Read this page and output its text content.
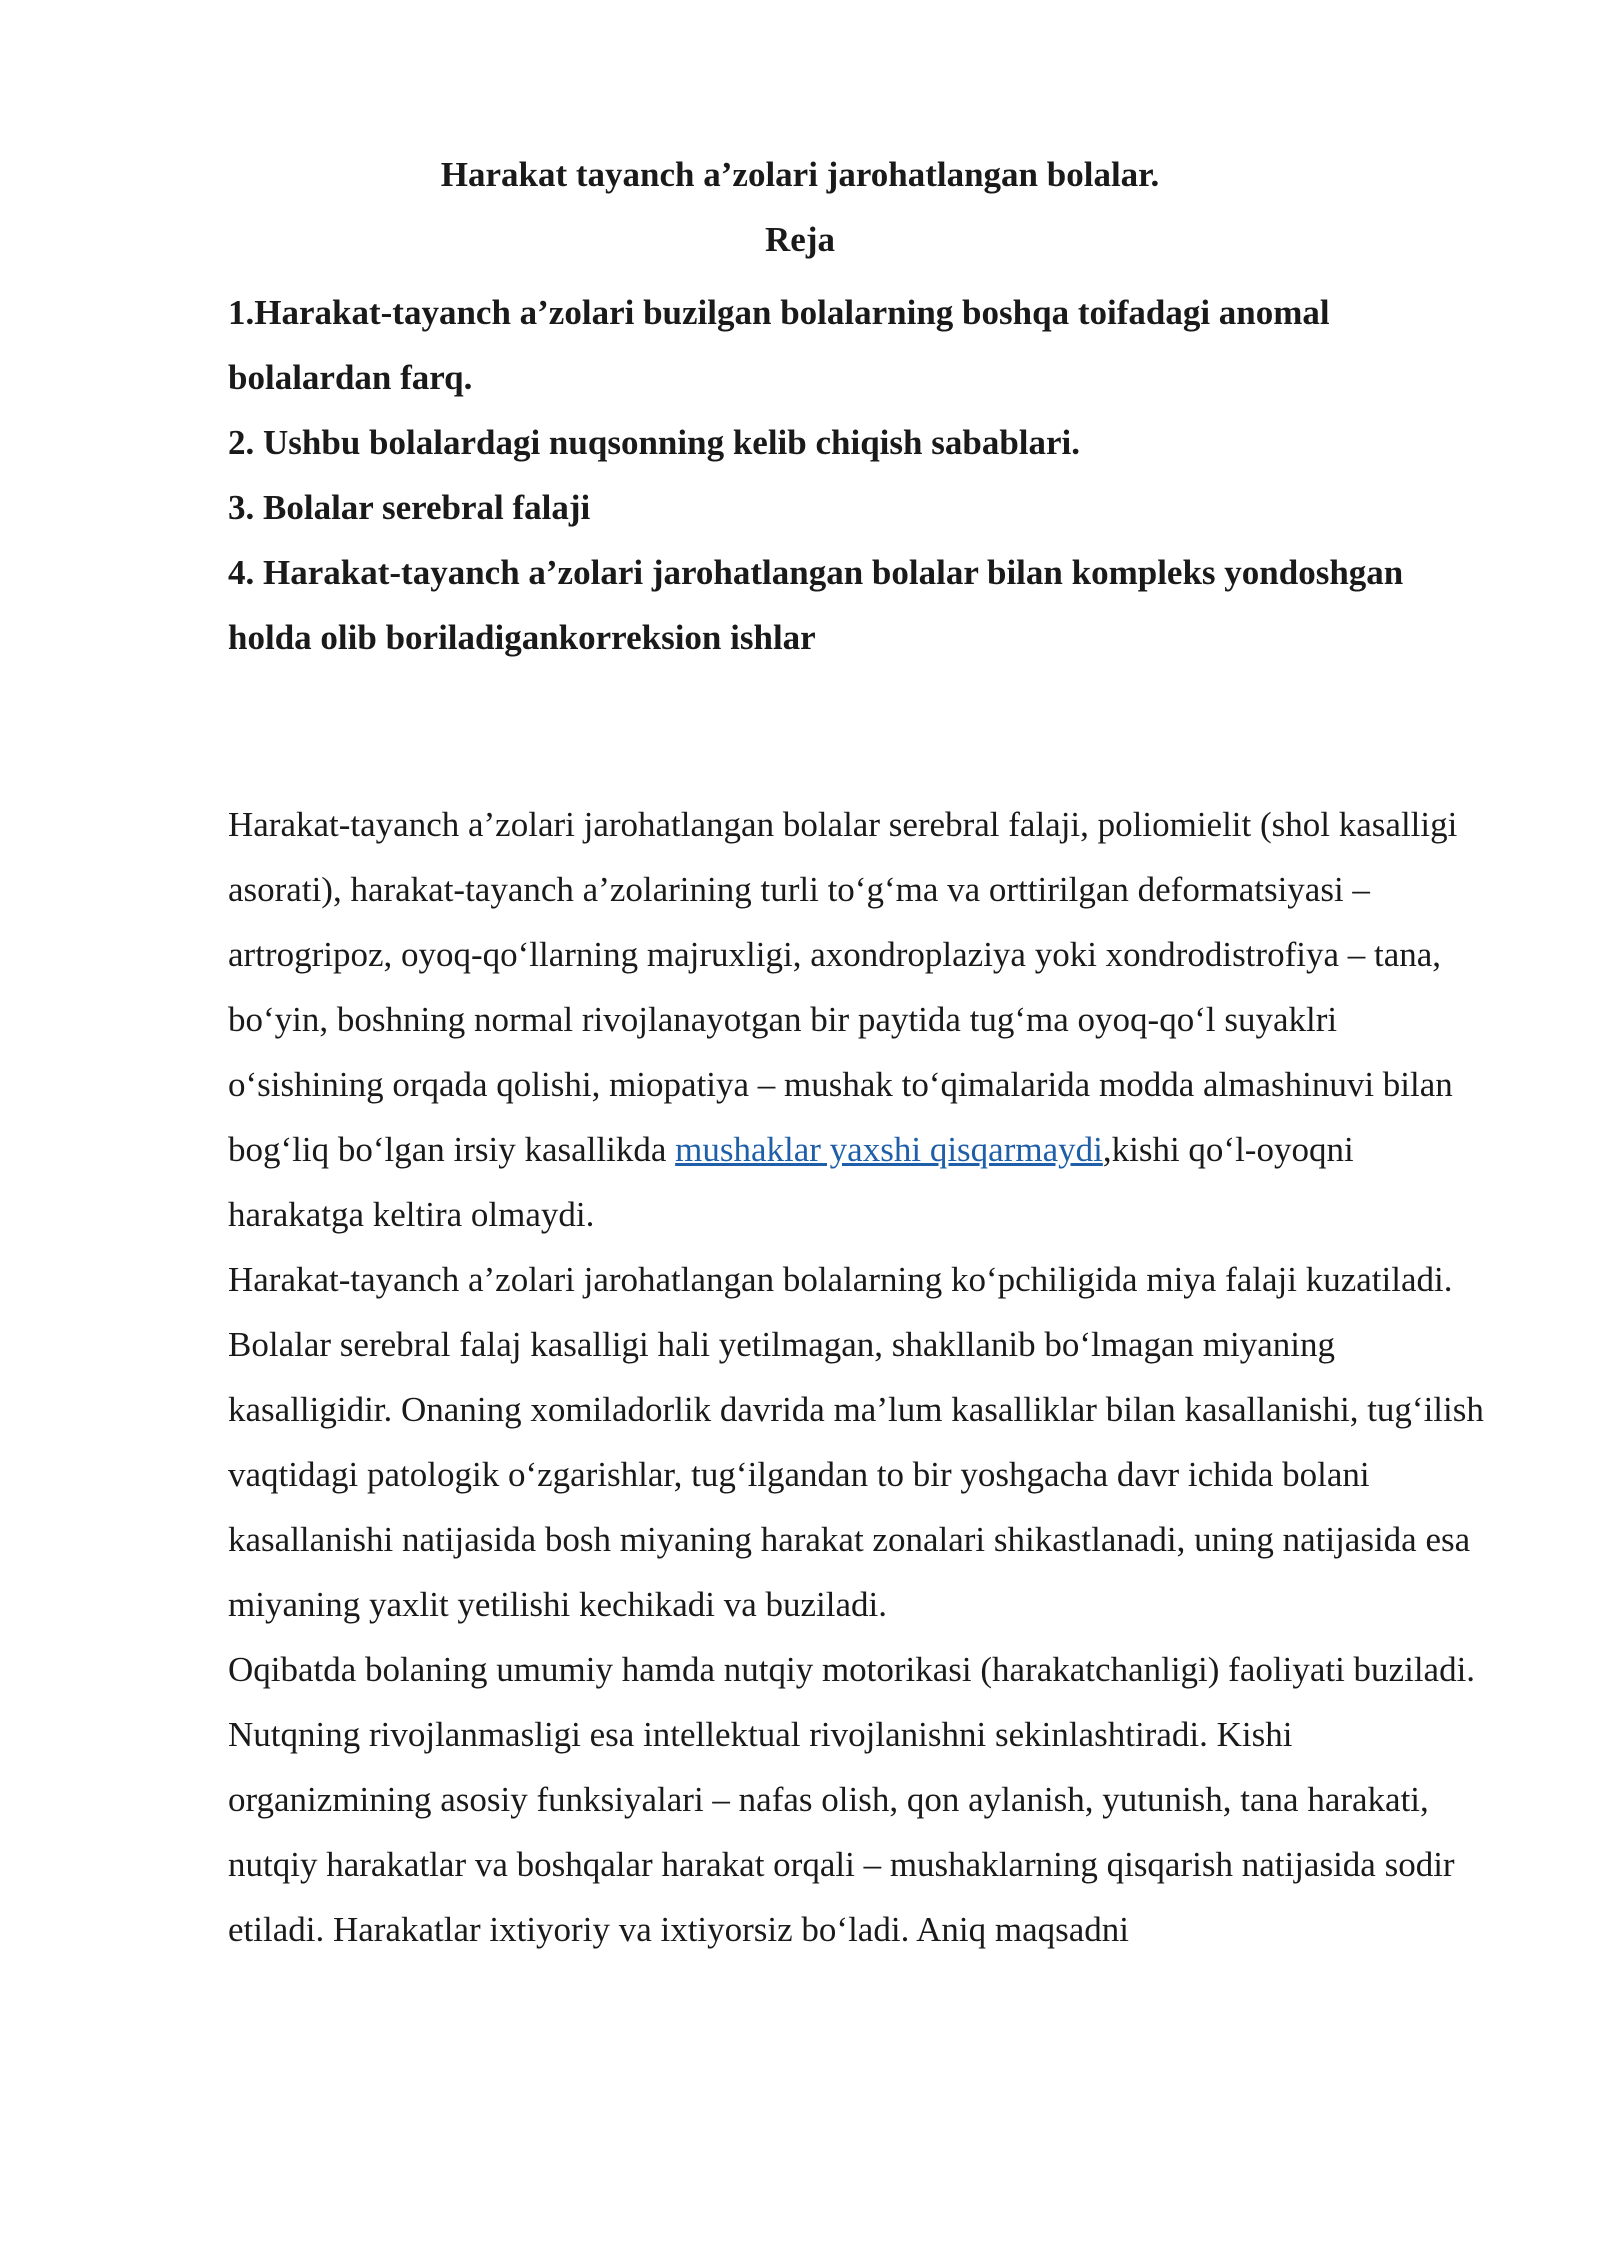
Harakat tayanch a’zolari jarohatlangan bolalar.
Reja
1.Harakat-tayanch a’zolari buzilgan bolalarning boshqa toifadagi anomal bolalardan farq.
2. Ushbu bolalardagi nuqsonning kelib chiqish sabablari.
3. Bolalar serebral falaji
4. Harakat-tayanch a’zolari jarohatlangan bolalar bilan kompleks yondoshgan holda olib boriladigankorreksion ishlar

Harakat-tayanch a’zolari jarohatlangan bolalar serebral falaji, poliomielit (shol kasalligi asorati), harakat-tayanch a’zolarining turli to‘g‘ma va orttirilgan deformatsiyasi – artrogripoz, oyoq-qo‘llarning majruxligi, axondroplaziya yoki xondrodistrofiya – tana, bo‘yin, boshning normal rivojlanayotgan bir paytida tug‘ma oyoq-qo‘l suyaklri o‘sishining orqada qolishi, miopatiya – mushak to‘qimalarida modda almashinuvi bilan bog‘liq bo‘lgan irsiy kasallikda mushaklar yaxshi qisqarmaydi,kishi qo‘l-oyoqni harakatga keltira olmaydi.

Harakat-tayanch a’zolari jarohatlangan bolalarning ko‘pchiligida miya falaji kuzatiladi. Bolalar serebral falaj kasalligi hali yetilmagan, shakllanib bo‘lmagan miyaning kasalligidir. Onaning xomiladorlik davrida ma’lum kasalliklar bilan kasallanishi, tug‘ilish vaqtidagi patologik o‘zgarishlar, tug‘ilgandan to bir yoshgacha davr ichida bolani kasallanishi natijasida bosh miyaning harakat zonalari shikastlanadi, uning natijasida esa miyaning yaxlit yetilishi kechikadi va buziladi.

Oqibatda bolaning umumiy hamda nutqiy motorikasi (harakatchanligi) faoliyati buziladi. Nutqning rivojlanmasligi esa intellektual rivojlanishni sekinlashtiradi. Kishi organizmining asosiy funksiyalari – nafas olish, qon aylanish, yutunish, tana harakati, nutqiy harakatlar va boshqalar harakat orqali – mushaklarning qisqarish natijasida sodir etiladi. Harakatlar ixtiyoriy va ixtiyorsiz bo‘ladi. Aniq maqsadni
